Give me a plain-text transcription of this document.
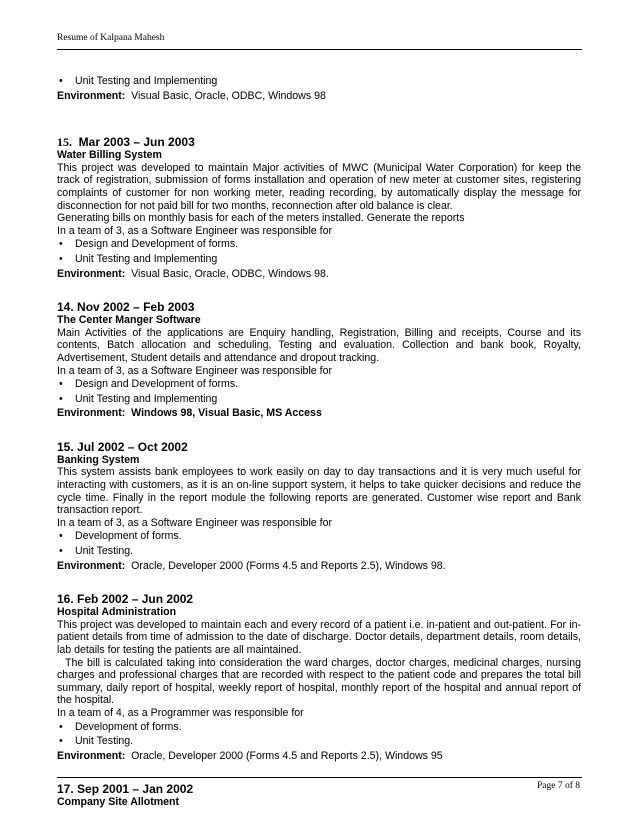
Resume of Kalpana Mahesh
•	Unit Testing and Implementing

Environment: Visual Basic, Oracle, ODBC, Windows 98

15. Mar 2003 – Jun 2003

Water Billing System

This project was developed to maintain Major activities of MWC (Municipal Water Corporation) for keep the track of registration, submission of forms installation and operation of new meter at customer sites, registering complaints of customer for non working meter, reading recording, by automatically display the message for disconnection for not paid bill for two months, reconnection after old balance is clear.

Generating bills on monthly basis for each of the meters installed. Generate the reports

In a team of 3, as a Software Engineer was responsible for

•	Design and Development of forms.
•	Unit Testing and Implementing

Environment: Visual Basic, Oracle, ODBC, Windows 98.

14. Nov 2002 – Feb 2003

The Center Manger Software

Main Activities of the applications are Enquiry handling, Registration, Billing and receipts, Course and its contents, Batch allocation and scheduling, Testing and evaluation. Collection and bank book, Royalty, Advertisement, Student details and attendance and dropout tracking.

In a team of 3, as a Software Engineer was responsible for

•	Design and Development of forms.
•	Unit Testing and Implementing

Environment: Windows 98, Visual Basic, MS Access

15. Jul 2002 – Oct 2002

Banking System

This system assists bank employees to work easily on day to day transactions and it is very much useful for interacting with customers, as it is an on-line support system, it helps to take quicker decisions and reduce the cycle time. Finally in the report module the following reports are generated. Customer wise report and Bank transaction report.

In a team of 3, as a Software Engineer was responsible for

•	Development of forms.
•	Unit Testing.

Environment: Oracle, Developer 2000 (Forms 4.5 and Reports 2.5), Windows 98.

16. Feb 2002 – Jun 2002

Hospital Administration

This project was developed to maintain each and every record of a patient i.e. in-patient and out-patient. For in-patient details from time of admission to the date of discharge. Doctor details, department details, room details, lab details for testing the patients are all maintained.

The bill is calculated taking into consideration the ward charges, doctor charges, medicinal charges, nursing charges and professional charges that are recorded with respect to the patient code and prepares the total bill summary, daily report of hospital, weekly report of hospital, monthly report of the hospital and annual report of the hospital.

In a team of 4, as a Programmer was responsible for

•	Development of forms.
•	Unit Testing.

Environment: Oracle, Developer 2000 (Forms 4.5 and Reports 2.5), Windows 95

17. Sep 2001 – Jan 2002

Company Site Allotment

Page 7 of 8
